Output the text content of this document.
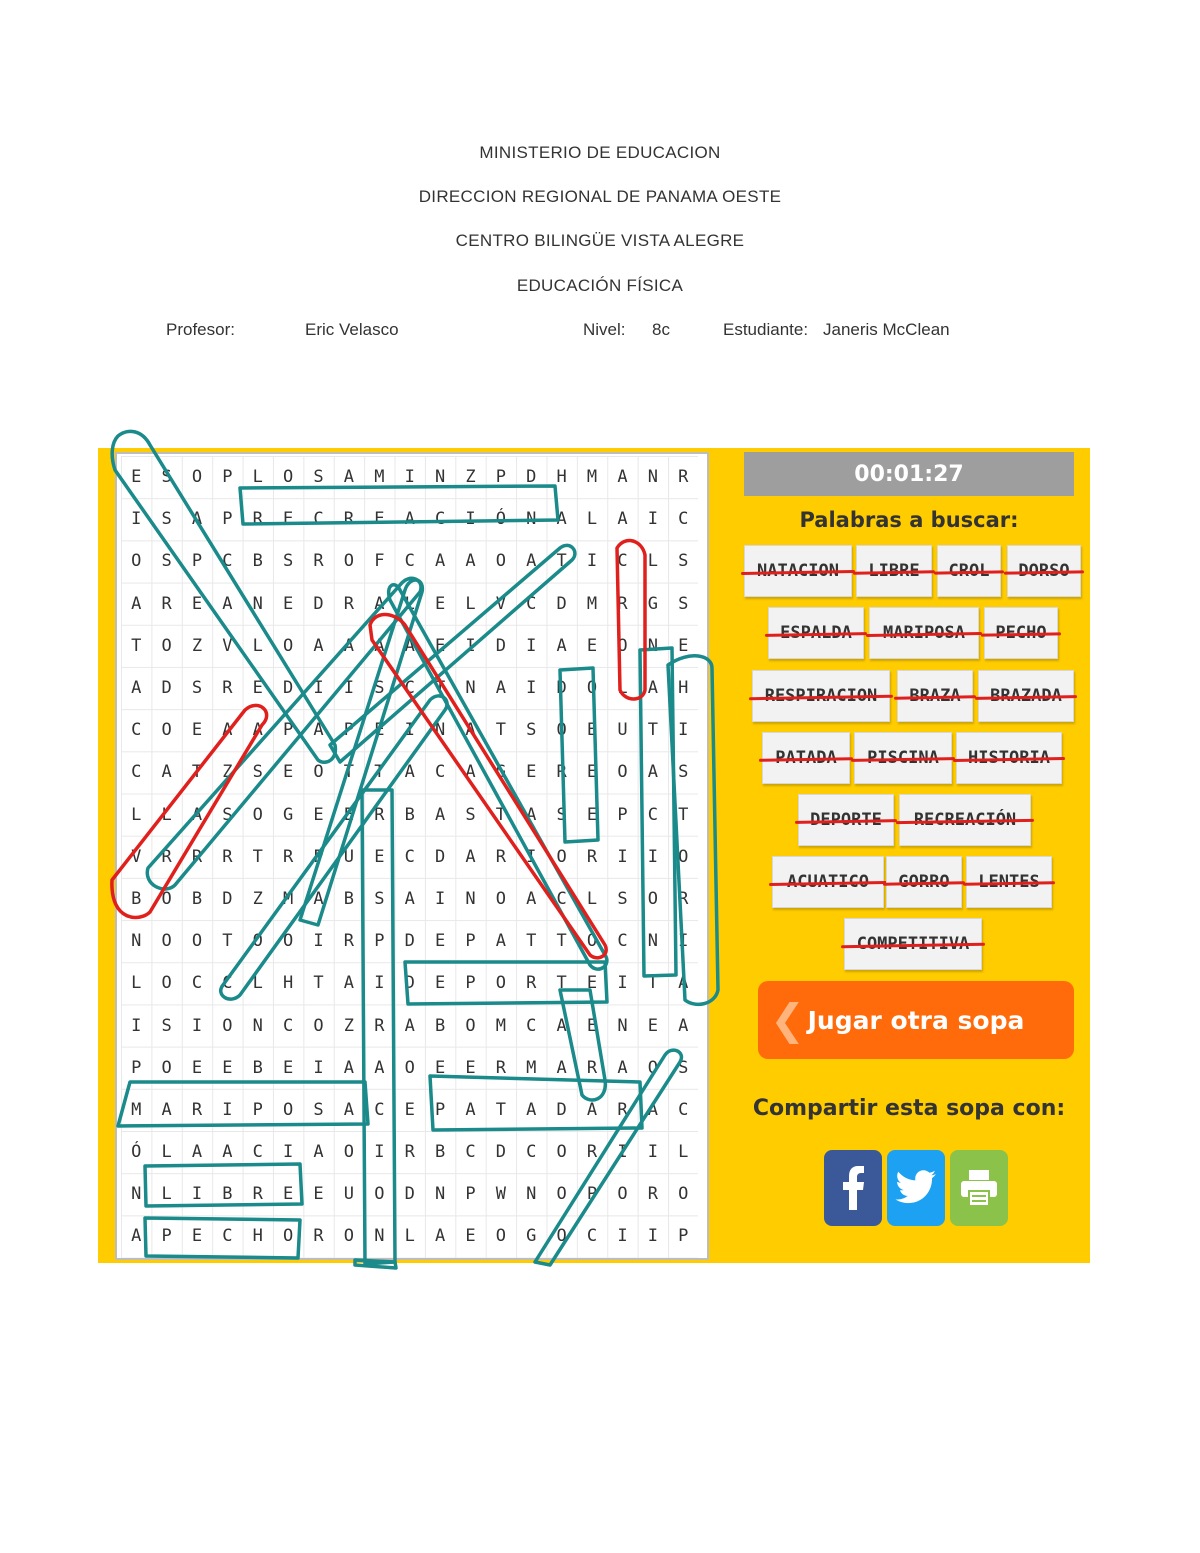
MINISTERIO DE EDUCACION
DIRECCION REGIONAL DE PANAMA OESTE
CENTRO BILINGÜE VISTA ALEGRE
EDUCACIÓN FÍSICA
Profesor:	Eric Velasco	Nivel: 8c	Estudiante: Janeris McClean
E	S	O	P	L	O	S	A	M	I	N	Z	P	D	H	M	A	N	R
I	S	A	P	R	E	C	R	E	A	C	I	Ó	N	A	L	A	I	C
O	S	P	C	B	S	R	O	F	C	A	A	O	A	T	I	C	L	S
A	R	E	A	N	E	D	R	A	L	E	L	V	C	D	M	R	G	S
T	O	Z	V	L	O	A	A	A	A	E	I	D	I	A	E	O	N	E
A	D	S	R	E	D	I	I	S	C	T	N	A	I	D	O	L	A	H
C	O	E	A	A	P	A	P	E	I	N	A	T	S	O	E	U	T	I
C	A	T	Z	S	E	O	T	T	A	C	A	G	E	R	E	O	A	S
L	L	A	S	O	G	E	E	R	B	A	S	T	A	S	E	P	C	T
V	R	R	R	T	R	P	U	E	C	D	A	R	I	O	R	I	I	O
B	O	B	D	Z	M	A	B	S	A	I	N	O	A	C	L	S	O	R
N	O	O	T	O	O	I	R	P	D	E	P	A	T	T	O	C	N	I
L	O	C	C	L	H	T	A	I	D	E	P	O	R	T	E	I	T	A
I	S	I	O	N	C	O	Z	R	A	B	O	M	C	A	E	N	E	A
P	O	E	E	B	E	I	A	A	O	E	E	R	M	A	R	A	O	S
M	A	R	I	P	O	S	A	C	E	P	A	T	A	D	A	R	A	C
Ó	L	A	A	C	I	A	O	I	R	B	C	D	C	O	R	I	I	L
N	L	I	B	R	E	E	U	O	D	N	P	W	N	O	P	O	R	O
A	P	E	C	H	O	R	O	N	L	A	E	O	G	O	C	I	I	P
00:01:27
Palabras a buscar:
❮ Jugar otra sopa
Compartir esta sopa con:
